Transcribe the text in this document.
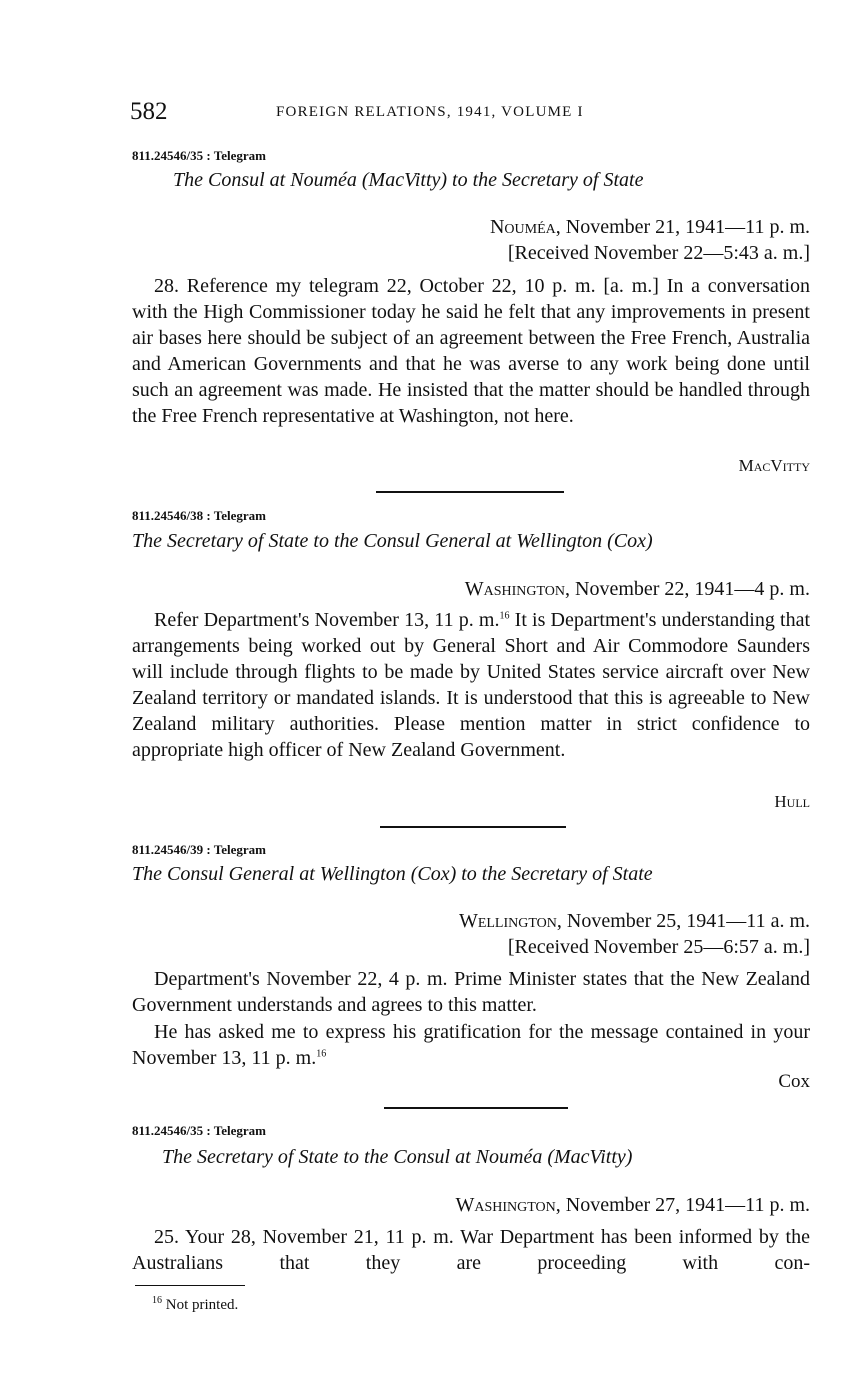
582	FOREIGN RELATIONS, 1941, VOLUME I
811.24546/35 : Telegram
The Consul at Nouméa (MacVitty) to the Secretary of State
Nouméa, November 21, 1941—11 p. m.
[Received November 22—5:43 a. m.]
28. Reference my telegram 22, October 22, 10 p. m. [a. m.] In a conversation with the High Commissioner today he said he felt that any improvements in present air bases here should be subject of an agreement between the Free French, Australia and American Governments and that he was averse to any work being done until such an agreement was made. He insisted that the matter should be handled through the Free French representative at Washington, not here.
MacVitty
811.24546/38 : Telegram
The Secretary of State to the Consul General at Wellington (Cox)
Washington, November 22, 1941—4 p. m.
Refer Department's November 13, 11 p. m.$^{16}$ It is Department's understanding that arrangements being worked out by General Short and Air Commodore Saunders will include through flights to be made by United States service aircraft over New Zealand territory or mandated islands. It is understood that this is agreeable to New Zealand military authorities. Please mention matter in strict confidence to appropriate high officer of New Zealand Government.
Hull
811.24546/39 : Telegram
The Consul General at Wellington (Cox) to the Secretary of State
Wellington, November 25, 1941—11 a. m.
[Received November 25—6:57 a. m.]
Department's November 22, 4 p. m. Prime Minister states that the New Zealand Government understands and agrees to this matter.
He has asked me to express his gratification for the message contained in your November 13, 11 p. m.$^{16}$
Cox
811.24546/35 : Telegram
The Secretary of State to the Consul at Nouméa (MacVitty)
Washington, November 27, 1941—11 p. m.
25. Your 28, November 21, 11 p. m. War Department has been informed by the Australians that they are proceeding with con-
$^{16}$ Not printed.
